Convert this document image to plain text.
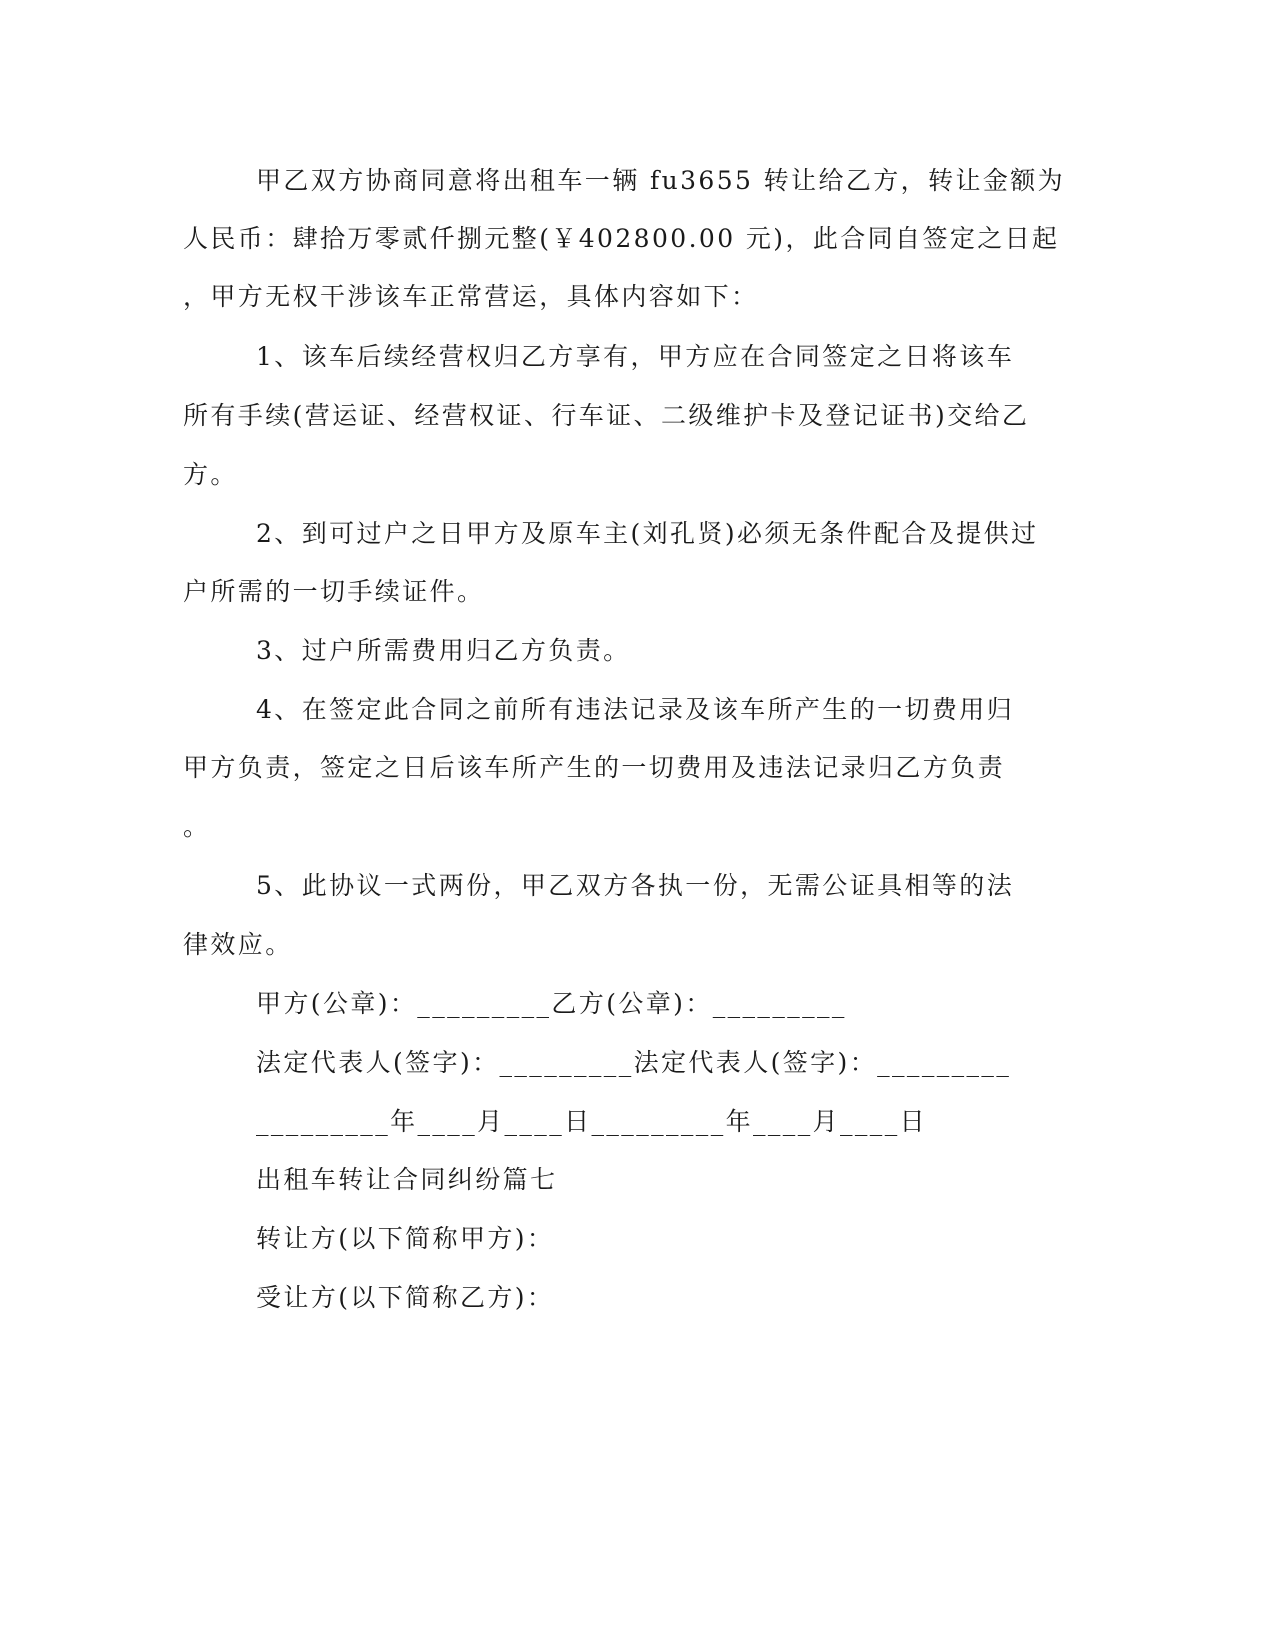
甲乙双方协商同意将出租车一辆 fu3655 转让给乙方，转让金额为
人民币：肆拾万零贰仟捌元整(￥402800.00 元)，此合同自签定之日起
，甲方无权干涉该车正常营运，具体内容如下：
1、该车后续经营权归乙方享有，甲方应在合同签定之日将该车
所有手续(营运证、经营权证、行车证、二级维护卡及登记证书)交给乙
方。
2、到可过户之日甲方及原车主(刘孔贤)必须无条件配合及提供过
户所需的一切手续证件。
3、过户所需费用归乙方负责。
4、在签定此合同之前所有违法记录及该车所产生的一切费用归
甲方负责，签定之日后该车所产生的一切费用及违法记录归乙方负责
。
5、此协议一式两份，甲乙双方各执一份，无需公证具相等的法
律效应。
甲方(公章)：_________乙方(公章)：_________
法定代表人(签字)：_________法定代表人(签字)：_________
_________年____月____日_________年____月____日
出租车转让合同纠纷篇七
转让方(以下简称甲方)：
受让方(以下简称乙方)：
